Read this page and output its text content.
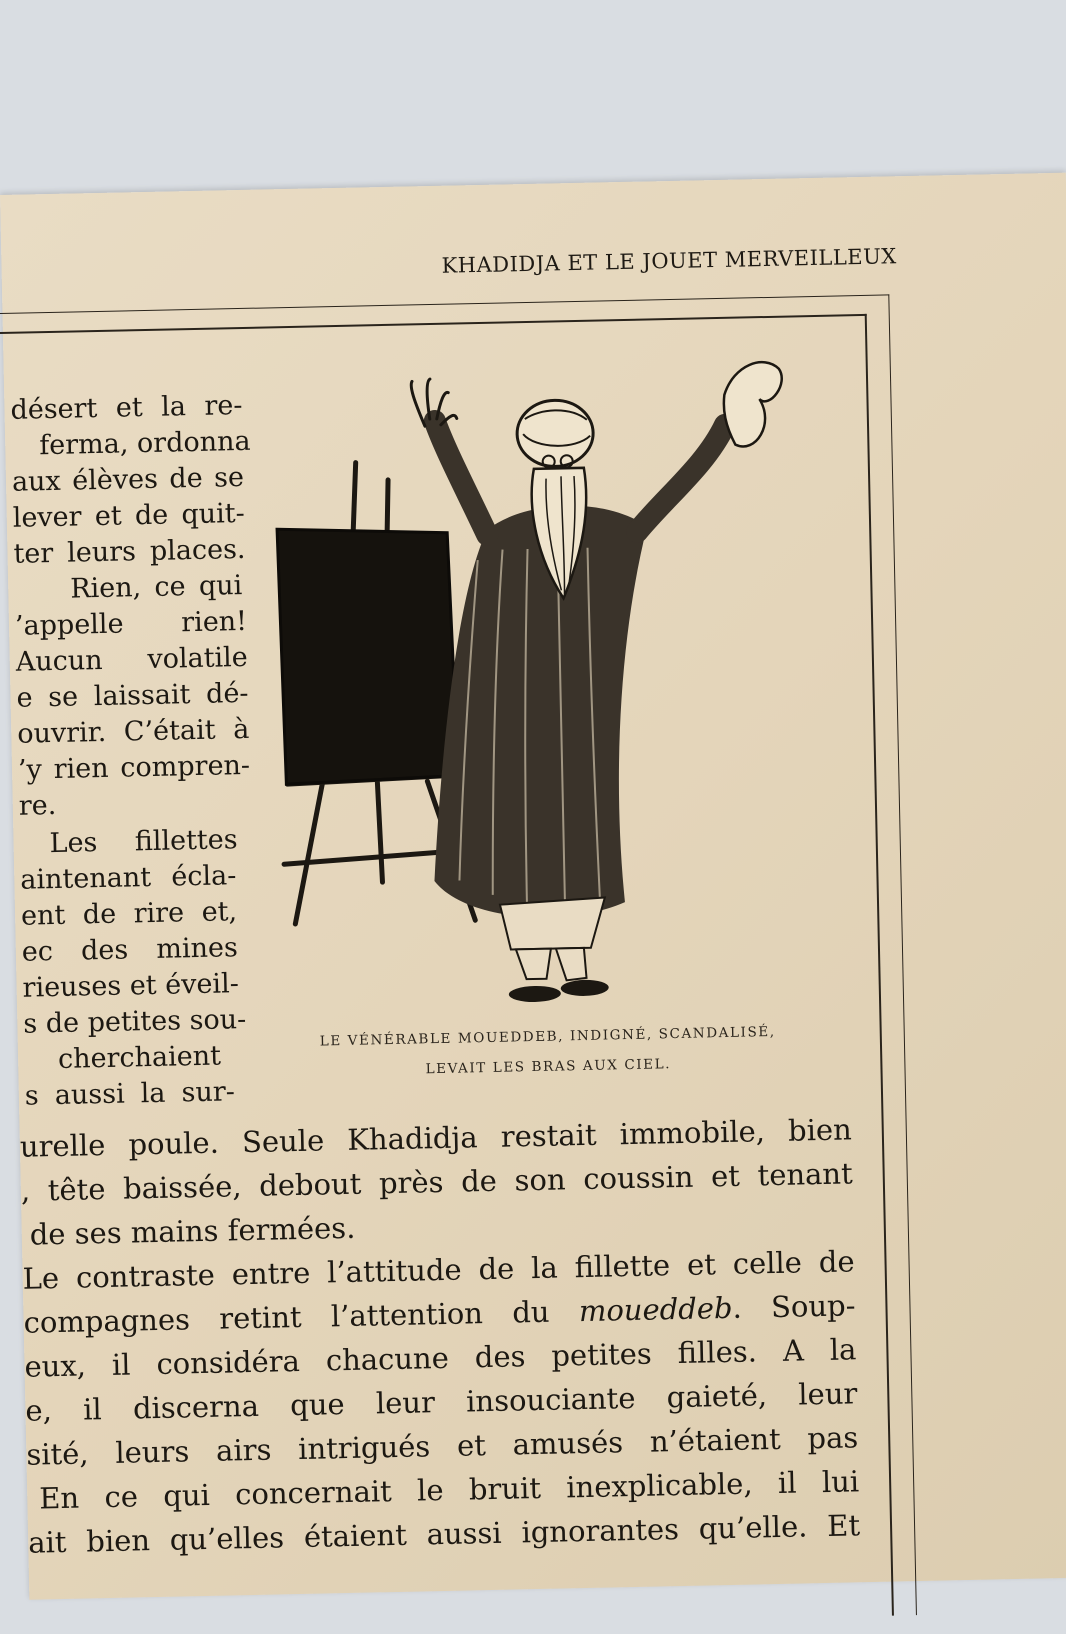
KHADIDJA ET LE JOUET MERVEILLEUX
désert et la re-
ferma, ordonna
aux élèves de se
lever et de quit-
ter leurs places.
Rien, ce qui
’appelle rien!
Aucun volatile
e se laissait dé-
ouvrir. C’était à
’y rien compren-
re.
Les fillettes
aintenant écla-
ent de rire et,
ec des mines
rieuses et éveil-
s de petites sou-
cherchaient
s aussi la sur-
LE VÉNÉRABLE MOUEDDEB, INDIGNÉ, SCANDALISÉ,
LEVAIT LES BRAS AUX CIEL.
urelle poule. Seule Khadidja restait immobile, bien
, tête baissée, debout près de son coussin et tenant
de ses mains fermées.
Le contraste entre l’attitude de la fillette et celle de
compagnes retint l’attention du moueddeb. Soup-
eux, il considéra chacune des petites filles. A la
e, il discerna que leur insouciante gaieté, leur
sité, leurs airs intrigués et amusés n’étaient pas
En ce qui concernait le bruit inexplicable, il lui
ait bien qu’elles étaient aussi ignorantes qu’elle. Et
